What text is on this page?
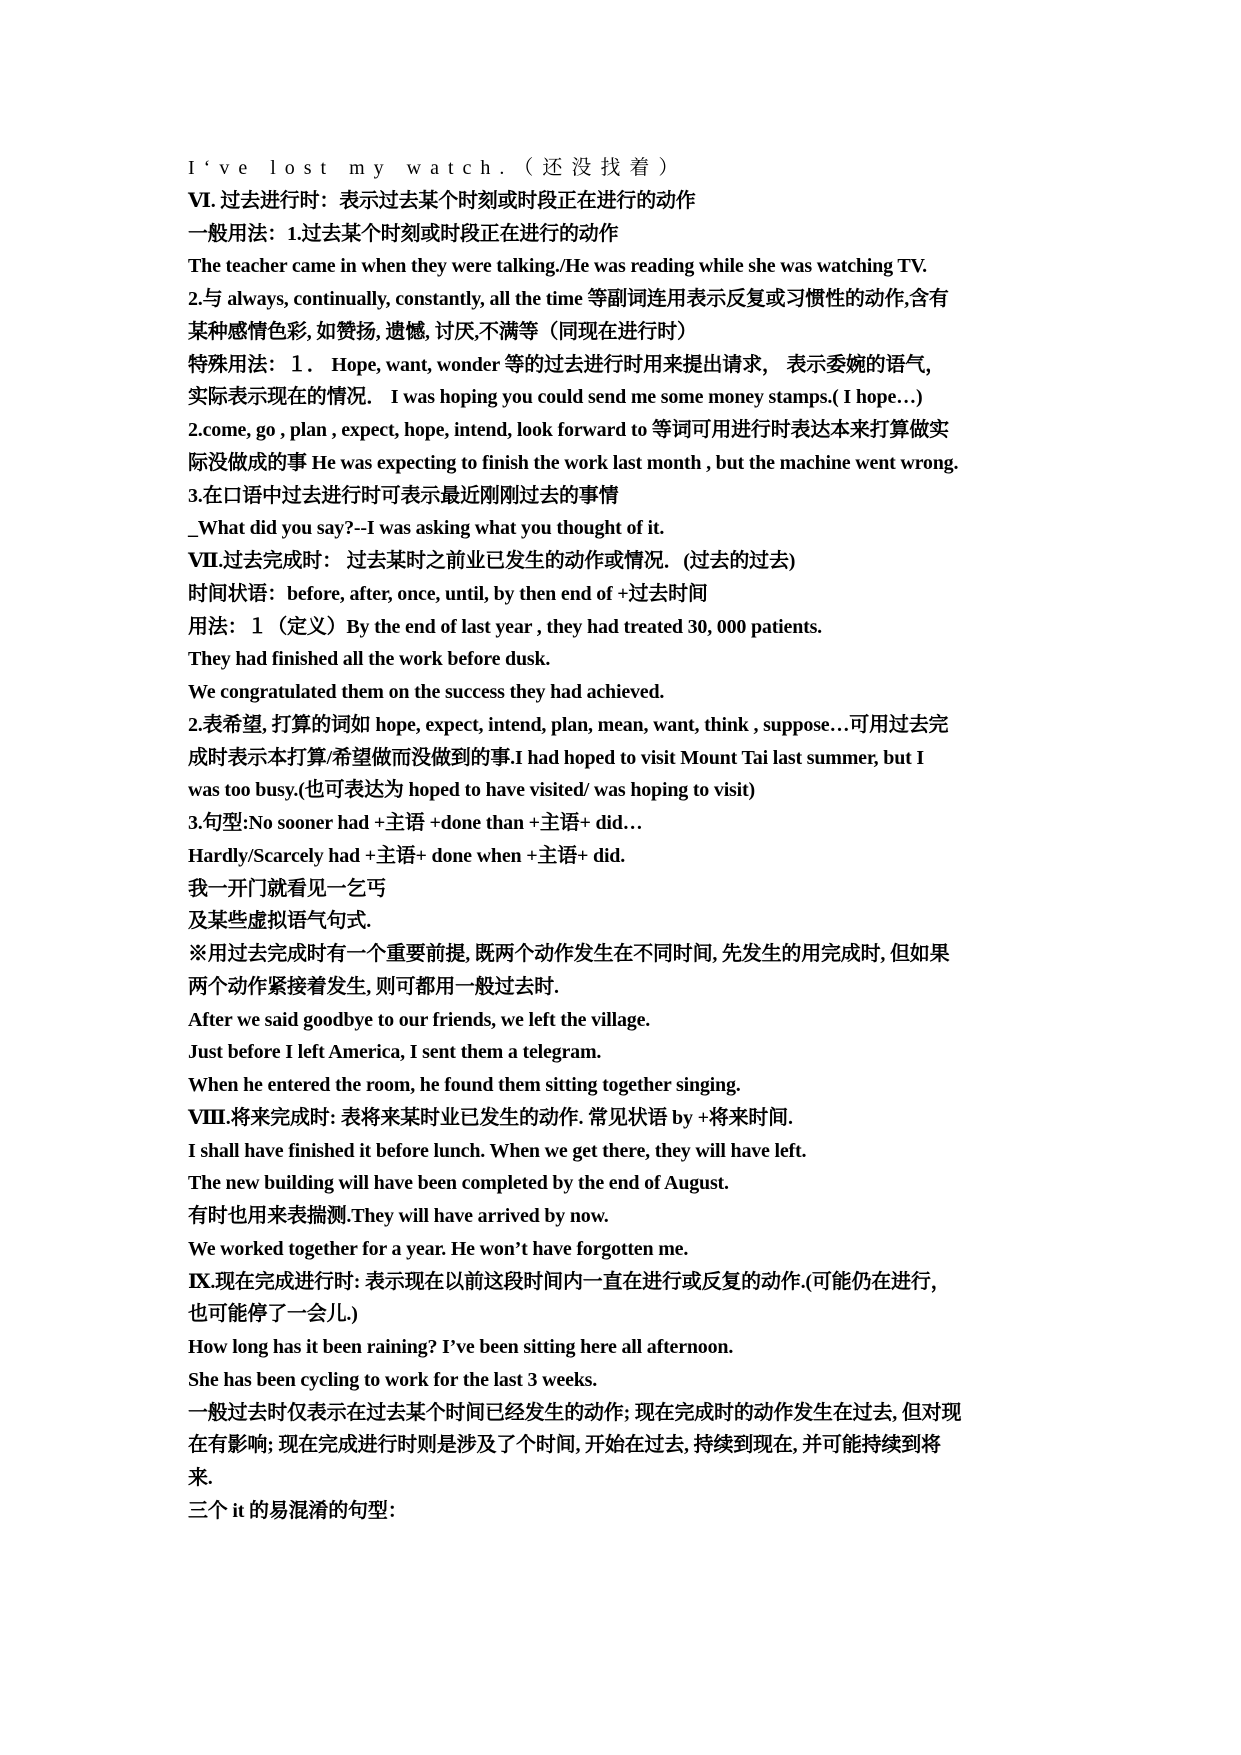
I‘ve lost my watch.（还没找着）
Ⅵ. 过去进行时：表示过去某个时刻或时段正在进行的动作
一般用法：1.过去某个时刻或时段正在进行的动作
The teacher came in when they were talking./He was reading while she was watching TV.
2.与 always, continually, constantly, all the time 等副词连用表示反复或习惯性的动作,含有
某种感情色彩, 如赞扬, 遗憾, 讨厌,不满等（同现在进行时）
特殊用法：１． Hope, want, wonder 等的过去进行时用来提出请求， 表示委婉的语气，
实际表示现在的情况． I was hoping you could send me some money stamps.( I hope…)
2.come, go , plan , expect, hope, intend, look forward to 等词可用进行时表达本来打算做实
际没做成的事 He was expecting to finish the work last month , but the machine went wrong.
3.在口语中过去进行时可表示最近刚刚过去的事情
_What did you say?--I was asking what you thought of it.
Ⅶ.过去完成时： 过去某时之前业已发生的动作或情况．(过去的过去)
时间状语：before, after, once, until, by then end of +过去时间
用法：１（定义）By the end of last year , they had treated 30, 000 patients.
They had finished all the work before dusk.
We congratulated them on the success they had achieved.
2.表希望, 打算的词如 hope, expect, intend, plan, mean, want, think , suppose…可用过去完
成时表示本打算/希望做而没做到的事.I had hoped to visit Mount Tai last summer, but I
was too busy.(也可表达为 hoped to have visited/ was hoping to visit)
3.句型:No sooner had +主语 +done than +主语+ did…
Hardly/Scarcely had +主语+ done when +主语+ did.
我一开门就看见一乞丐
及某些虚拟语气句式.
※用过去完成时有一个重要前提, 既两个动作发生在不同时间, 先发生的用完成时, 但如果
两个动作紧接着发生, 则可都用一般过去时.
After we said goodbye to our friends, we left the village.
Just before I left America, I sent them a telegram.
When he entered the room, he found them sitting together singing.
Ⅷ.将来完成时: 表将来某时业已发生的动作. 常见状语 by +将来时间.
I shall have finished it before lunch. When we get there, they will have left.
The new building will have been completed by the end of August.
有时也用来表揣测.They will have arrived by now.
We worked together for a year. He won’t have forgotten me.
Ⅸ.现在完成进行时: 表示现在以前这段时间内一直在进行或反复的动作.(可能仍在进行，
也可能停了一会儿.)
How long has it been raining? I’ve been sitting here all afternoon.
She has been cycling to work for the last 3 weeks.
一般过去时仅表示在过去某个时间已经发生的动作; 现在完成时的动作发生在过去, 但对现
在有影响; 现在完成进行时则是涉及了个时间, 开始在过去, 持续到现在, 并可能持续到将
来.
三个 it 的易混淆的句型：
